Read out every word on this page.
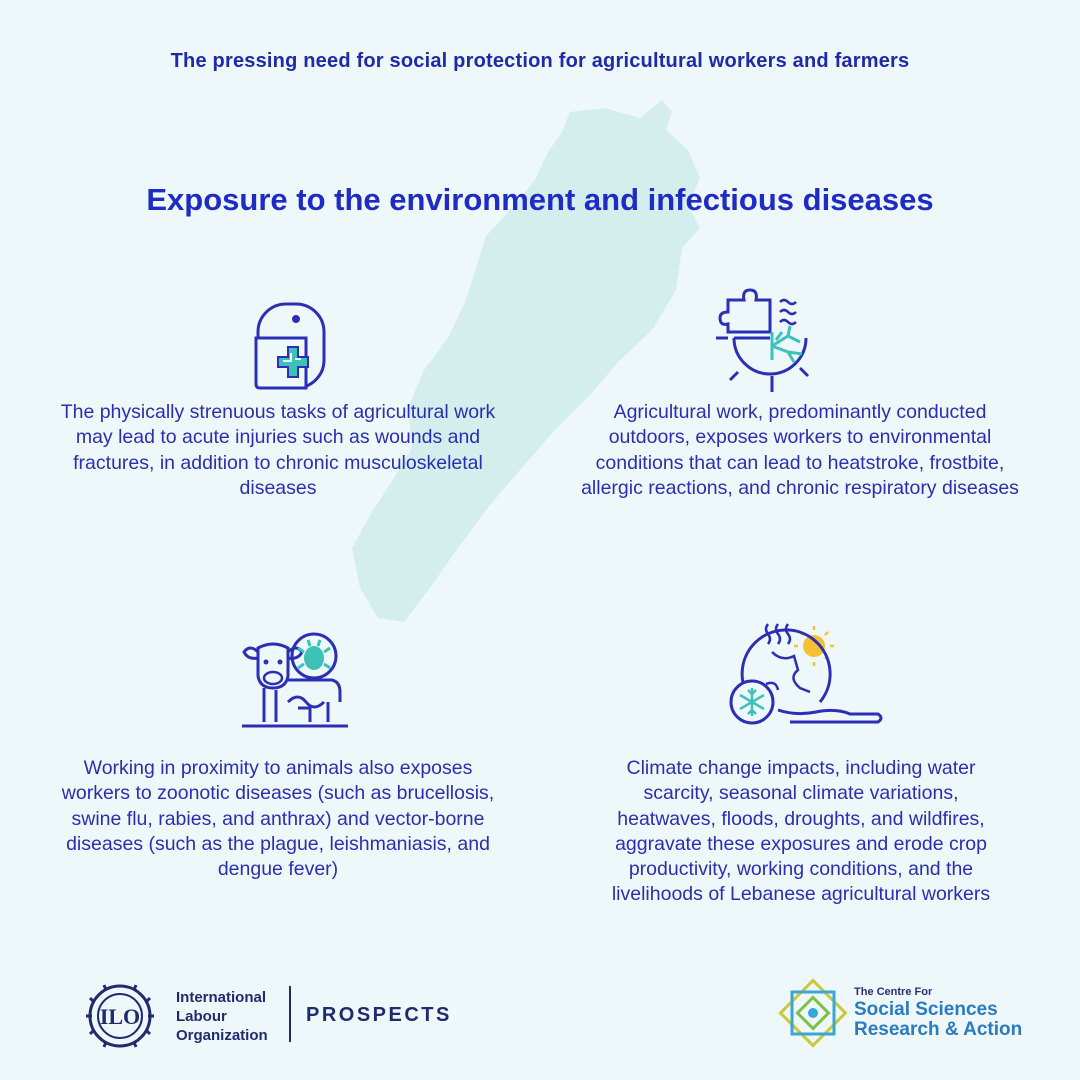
The pressing need for social protection for agricultural workers and farmers
Exposure to the environment and infectious diseases
The physically strenuous tasks of agricultural work may lead to acute injuries such as wounds and fractures, in addition to chronic musculoskeletal diseases
Agricultural work, predominantly conducted outdoors, exposes workers to environmental conditions that can lead to heatstroke, frostbite, allergic reactions, and chronic respiratory diseases
Working in proximity to animals also exposes workers to zoonotic diseases (such as brucellosis, swine flu, rabies, and anthrax) and vector-borne diseases (such as the plague, leishmaniasis, and dengue fever)
Climate change impacts, including water scarcity, seasonal climate variations, heatwaves, floods, droughts, and wildfires, aggravate these exposures and erode crop productivity, working conditions, and the livelihoods of Lebanese agricultural workers
ILO
International
Labour
Organization
PROSPECTS
The Centre For
Social Sciences
Research & Action
